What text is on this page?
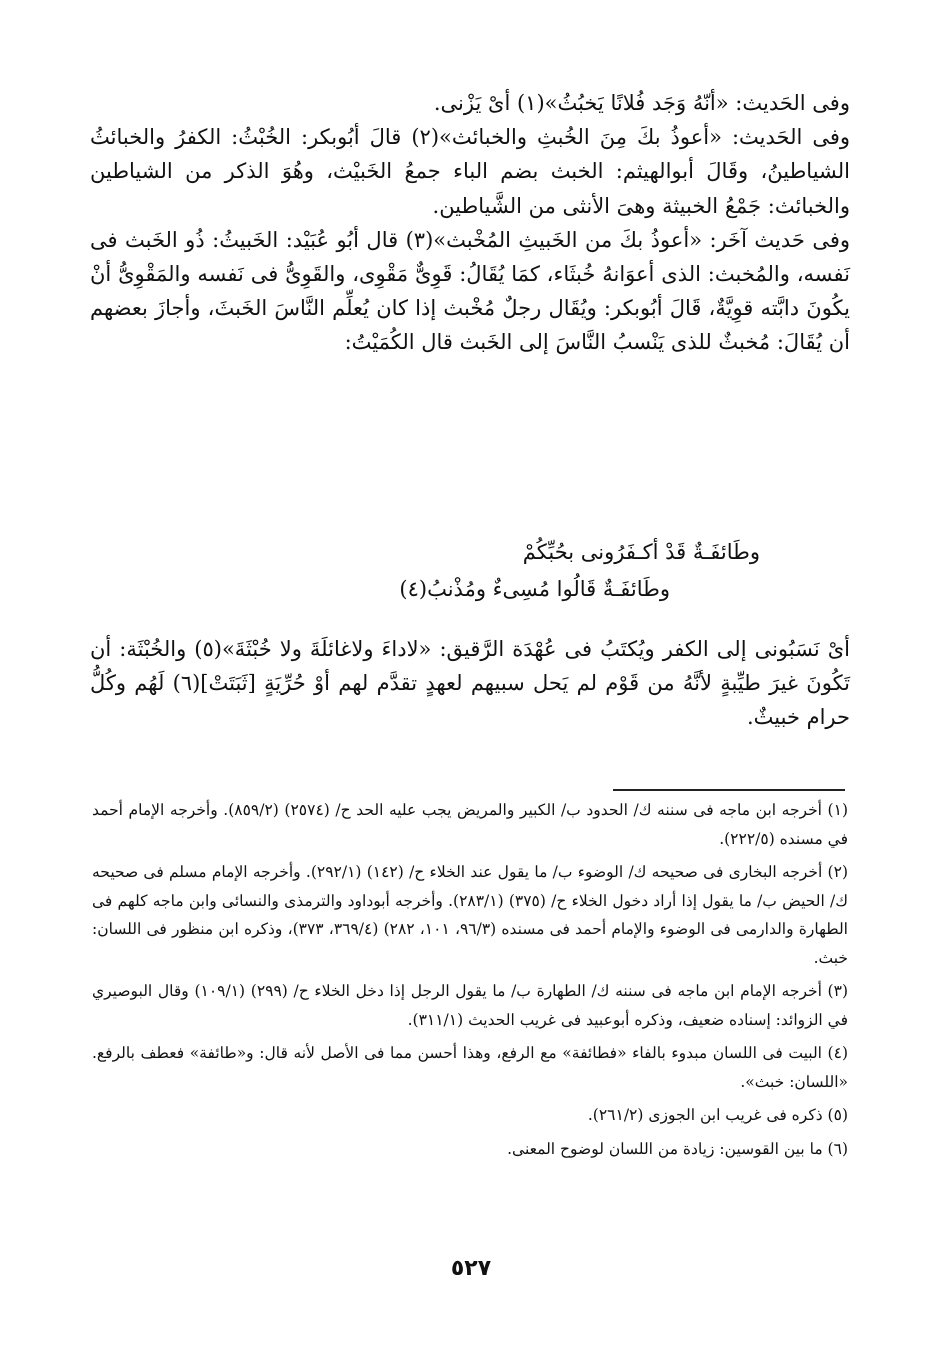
وفى الحَديث: «أنّهُ وَجَد فُلانًا يَخبُثُ»(١) أىْ يَزْنى.

وفى الحَديث: «أعوذُ بكَ مِنَ الخُبثِ والخبائث»(٢) قالَ أبُوبكر: الخُبْثُ: الكفرُ والخبائثُ الشياطينُ، وقَالَ أبوالهيثم: الخبث بضم الباء جمعُ الخَبيْث، وهُوَ الذكر من الشياطين والخبائث: جَمْعُ الخبيثة وهىَ الأنثى من الشَّياطين.

وفى حَديث آخَر: «أعوذُ بكَ من الخَبيثِ المُخْبث»(٣) قال أبُو عُبَيْد: الخَبيثُ: ذُو الخَبث فى نَفسه، والمُخبث: الذى أعوَانهُ خُبثَاء، كمَا يُقَالُ: قَوِىٌّ مَقْوِى، والقَوِىُّ فى نَفسه والمَقْوِىُّ أنْ يكُونَ دابَّته قوِيَّةٌ، قَالَ أبُوبكر: ويُقَال رجلٌ مُخْبث إذا كان يُعلِّم النَّاسَ الخَبثَ، وأجازَ بعضهم أن يُقَالَ: مُخبثٌ للذى يَنْسبُ النَّاسَ إلى الخَبث قال الكُمَيْتُ:

وطَائفَـةٌ قَدْ أكـفَرُونى بحُبِّكُمْ

وطَائفَـةٌ قَالُوا مُسِىءٌ ومُذْنبُ(٤)

أىْ نَسَبُونى إلى الكفر ويُكتَبُ فى عُهْدَة الرَّقيق: «لاداءَ ولاغائلَةَ ولا خُبْثَةَ»(٥) والخُبْثَة: أن تَكُونَ غيرَ طيِّبةٍ لأنَّهُ من قَوْم لم يَحل سبيهم لعهدٍ تقدَّم لهم أوْ حُرِّيَةٍ [ثَبَتَتْ](٦) لَهُم وكُلُّ حرام خبيثٌ.

(١) أخرجه ابن ماجه فى سننه ك/ الحدود ب/ الكبير والمريض يجب عليه الحد ح/ (٢٥٧٤) (٨٥٩/٢). وأخرجه الإمام أحمد في مسنده (٢٢٢/٥).

(٢) أخرجه البخارى فى صحيحه ك/ الوضوء ب/ ما يقول عند الخلاء ح/ (١٤٢) (٢٩٢/١). وأخرجه الإمام مسلم فى صحيحه ك/ الحيض ب/ ما يقول إذا أراد دخول الخلاء ح/ (٣٧٥) (٢٨٣/١). وأخرجه أبوداود والترمذى والنسائى وابن ماجه كلهم فى الطهارة والدارمى فى الوضوء والإمام أحمد فى مسنده (٩٦/٣، ١٠١، ٢٨٢) (٣٦٩/٤، ٣٧٣)، وذكره ابن منظور فى اللسان: خبث.

(٣) أخرجه الإمام ابن ماجه فى سننه ك/ الطهارة ب/ ما يقول الرجل إذا دخل الخلاء ح/ (٢٩٩) (١٠٩/١) وقال البوصيري في الزوائد: إسناده ضعيف، وذكره أبوعبيد فى غريب الحديث (٣١١/١).

(٤) البيت فى اللسان مبدوء بالفاء «فطائفة» مع الرفع، وهذا أحسن مما فى الأصل لأنه قال: و«طائفة» فعطف بالرفع. «اللسان: خبث».

(٥) ذكره فى غريب ابن الجوزى (٢٦١/٢).

(٦) ما بين القوسين: زيادة من اللسان لوضوح المعنى.

٥٢٧
